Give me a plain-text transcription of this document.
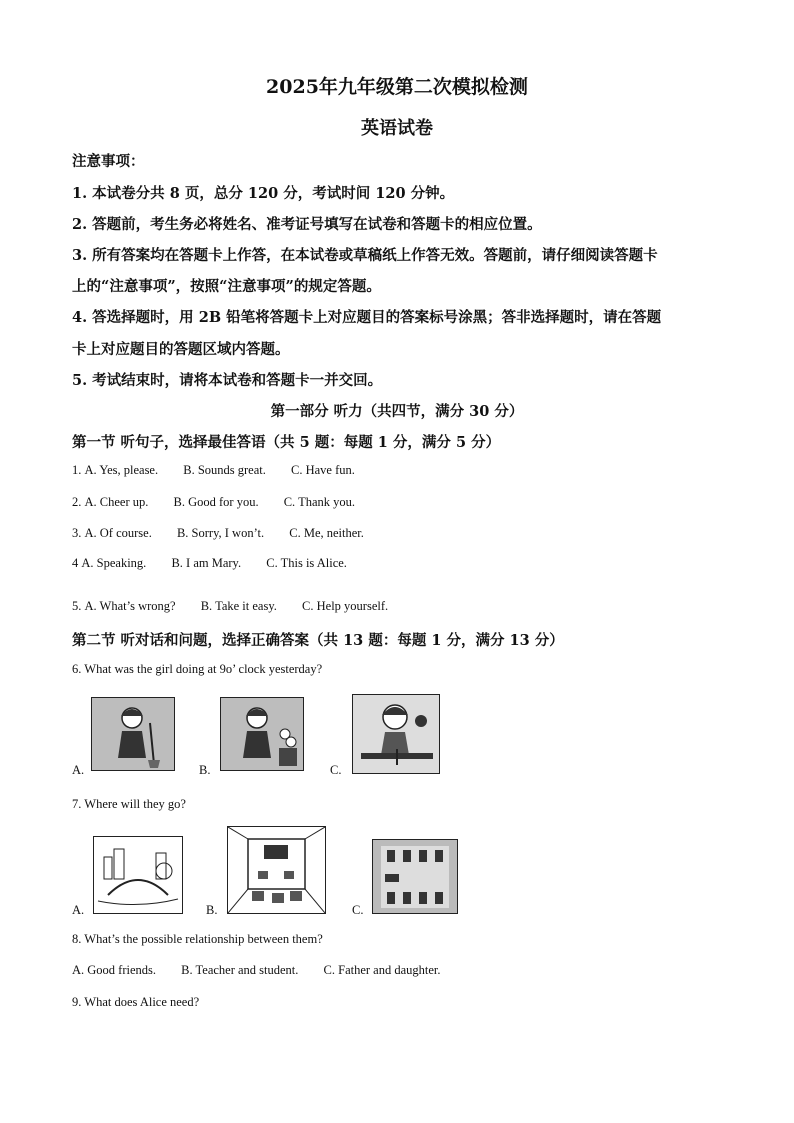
2025年九年级第二次模拟检测
英语试卷
注意事项：
1. 本试卷分共 8 页，总分 120 分，考试时间 120 分钟。
2. 答题前，考生务必将姓名、准考证号填写在试卷和答题卡的相应位置。
3. 所有答案均在答题卡上作答，在本试卷或草稿纸上作答无效。答题前，请仔细阅读答题卡
上的“注意事项”，按照“注意事项”的规定答题。
4. 答选择题时，用 2B 铅笔将答题卡上对应题目的答案标号涂黑；答非选择题时，请在答题
卡上对应题目的答题区域内答题。
5. 考试结束时，请将本试卷和答题卡一并交回。
第一部分 听力（共四节，满分 30 分）
第一节 听句子，选择最佳答语（共 5 题：每题 1 分，满分 5 分）
1. A. Yes, please. B. Sounds great. C. Have fun.
2. A. Cheer up. B. Good for you. C. Thank you.
3. A. Of course. B. Sorry, I won’t. C. Me, neither.
4 A. Speaking. B. I am Mary. C. This is Alice.
5. A. What’s wrong? B. Take it easy. C. Help yourself.
第二节 听对话和问题，选择正确答案（共 13 题：每题 1 分，满分 13 分）
6. What was the girl doing at 9o’ clock yesterday?
A.	B.	C.
7. Where will they go?
A.	B.	C.
8. What’s the possible relationship between them?
A. Good friends. B. Teacher and student. C. Father and daughter.
9. What does Alice need?
